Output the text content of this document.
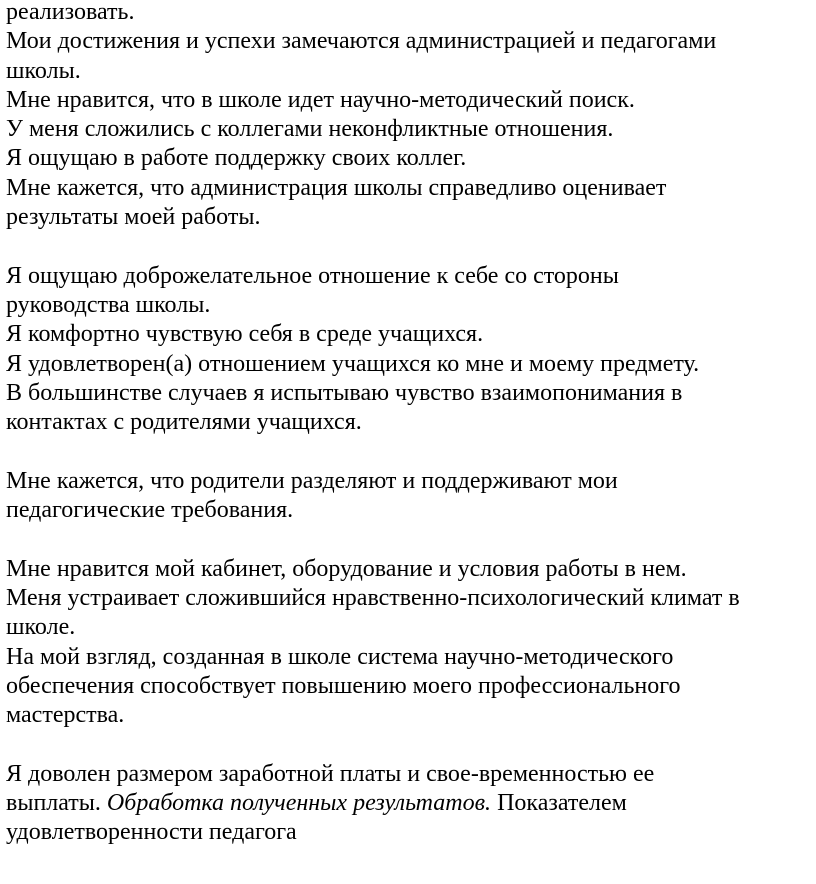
реализовать.
Мои достижения и успехи замечаются администрацией и педагогами
школы.
Мне нравится, что в школе идет научно-методический поиск.
У меня сложились с коллегами неконфликтные отношения.
Я ощущаю в работе поддержку своих коллег.
Мне кажется, что администрация школы справедливо оценивает
результаты моей работы.
Я ощущаю доброжелательное отношение к себе со стороны
руководства школы.
Я комфортно чувствую себя в среде учащихся.
Я удовлетворен(а) отношением учащихся ко мне и моему предмету.
В большинстве случаев я испытываю чувство взаимопонимания в
контактах с родителями учащихся.
Мне кажется, что родители разделяют и поддерживают мои
педагогические требования.
Мне нравится мой кабинет, оборудование и условия работы в нем.
Меня устраивает сложившийся нравственно-психологический климат в
школе.
На мой взгляд, созданная в школе система научно-методического
обеспечения способствует повышению моего профессионального
мастерства.
Я доволен размером заработной платы и свое-временностью ее
выплаты. Обработка полученных результатов. Показателем
удовлетворенности педагога
